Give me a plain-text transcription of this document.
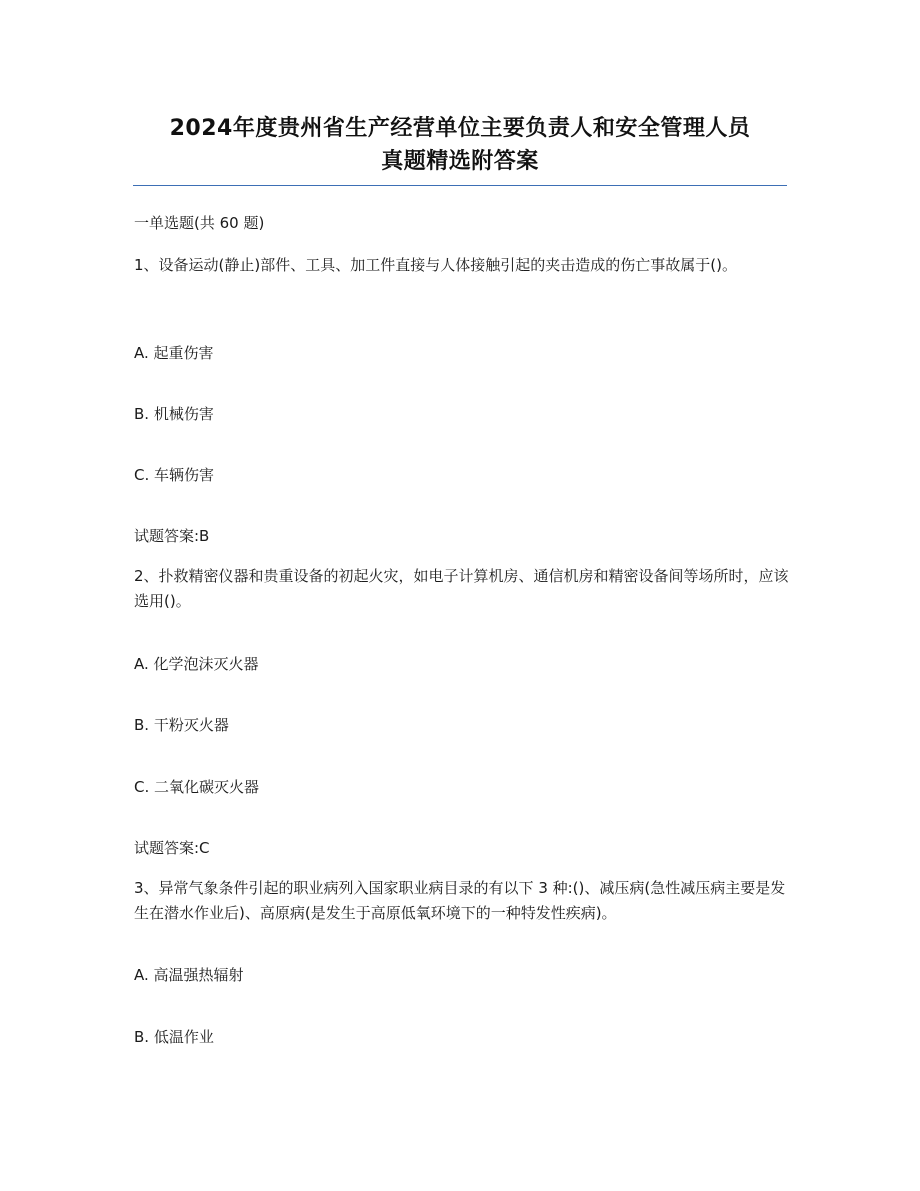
2024年度贵州省生产经营单位主要负责人和安全管理人员
真题精选附答案
一单选题(共 60 题)
1、设备运动(静止)部件、工具、加工件直接与人体接触引起的夹击造成的伤亡事故属于()。
A. 起重伤害
B. 机械伤害
C. 车辆伤害
试题答案:B
2、扑救精密仪器和贵重设备的初起火灾，如电子计算机房、通信机房和精密设备间等场所时，应该选用()。
A. 化学泡沫灭火器
B. 干粉灭火器
C. 二氧化碳灭火器
试题答案:C
3、异常气象条件引起的职业病列入国家职业病目录的有以下 3 种:()、减压病(急性减压病主要是发生在潜水作业后)、高原病(是发生于高原低氧环境下的一种特发性疾病)。
A. 高温强热辐射
B. 低温作业
